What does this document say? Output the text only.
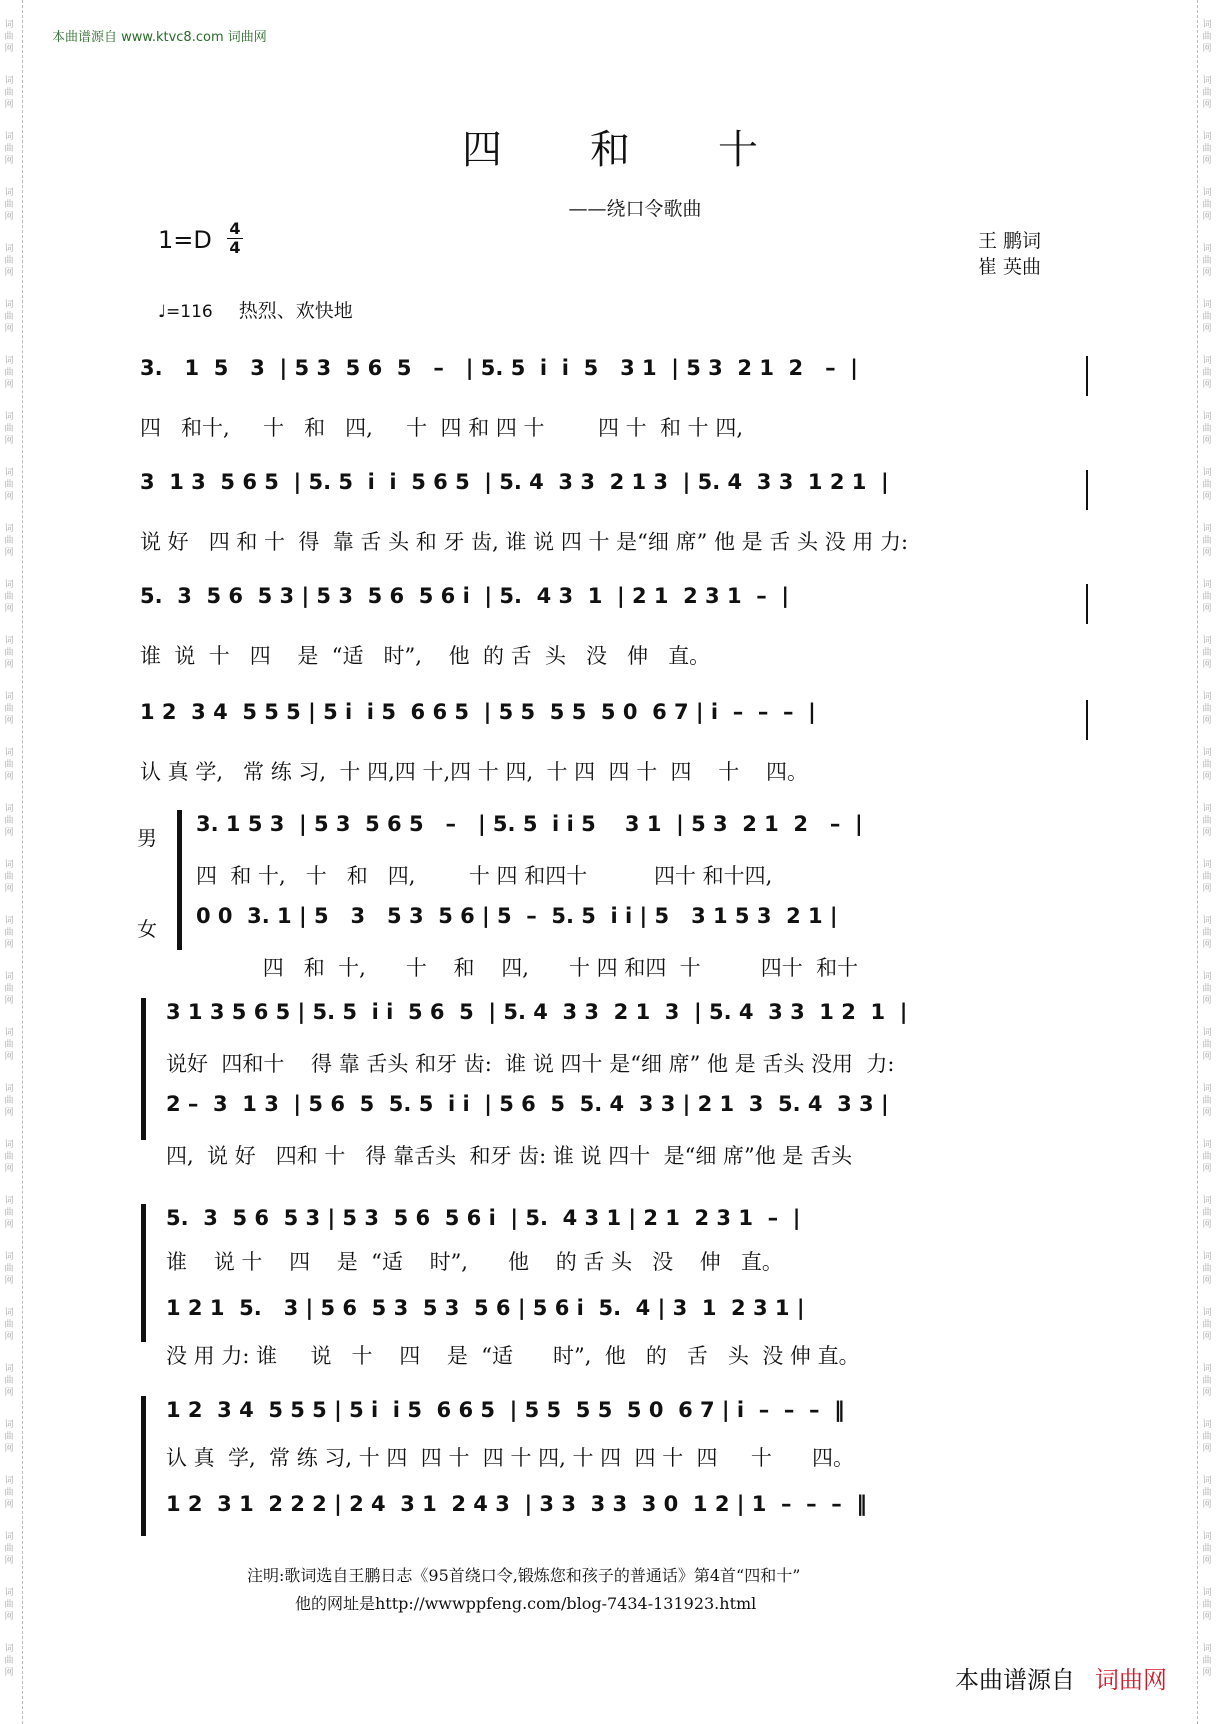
词
曲
网
词
曲
网
词
曲
网
词
曲
网
词
曲
网
词
曲
网
词
曲
网
词
曲
网
词
曲
网
词
曲
网
词
曲
网
词
曲
网
词
曲
网
词
曲
网
词
曲
网
词
曲
网
词
曲
网
词
曲
网
词
曲
网
词
曲
网
词
曲
网
词
曲
网
词
曲
网
词
曲
网
词
曲
网
词
曲
网
词
曲
网
词
曲
网
词
曲
网
词
曲
网
词
曲
网
词
曲
网
词
曲
网
词
曲
网
词
曲
网
词
曲
网
词
曲
网
词
曲
网
词
曲
网
词
曲
网
词
曲
网
词
曲
网
词
曲
网
词
曲
网
词
曲
网
词
曲
网
词
曲
网
词
曲
网
词
曲
网
词
曲
网
词
曲
网
词
曲
网
词
曲
网
词
曲
网
词
曲
网
词
曲
网
词
曲
网
词
曲
网
词
曲
网
词
曲
网
本曲谱源自 www.ktvc8.com 词曲网
四 和 十
——绕口令歌曲
1=D 4
4	王 鹏词
崔 英曲
♩=116 热烈、欢快地
3.   1  5   3  | 5 3  5 6  5   –   | 5. 5  i  i  5   3 1  | 5 3  2 1  2   –  |
四   和十,     十   和   四,     十  四 和 四 十        四 十  和 十 四,
3  1 3  5 6 5  | 5. 5  i  i  5 6 5  | 5. 4  3 3  2 1 3  | 5. 4  3 3  1 2 1  |
说 好   四 和 十  得  靠 舌 头 和 牙 齿, 谁 说 四 十 是“细 席” 他 是 舌 头 没 用 力:
5.  3  5 6  5 3 | 5 3  5 6  5 6 i  | 5.  4 3  1  | 2 1  2 3 1  –  |
谁  说  十   四    是  “适   时”,    他  的 舌  头   没   伸   直。
1 2  3 4  5 5 5 | 5 i  i 5  6 6 5  | 5 5  5 5  5 0  6 7 | i  –  –  –  |
认 真 学,   常 练 习,  十 四,四 十,四 十 四,  十 四  四 十  四    十    四。
男
女
3. 1 5 3  | 5 3  5 6 5   –   | 5. 5  i i 5    3 1  | 5 3  2 1  2   –  |
四  和 十,   十   和   四,        十 四 和四十          四十 和十四,
0 0  3. 1 | 5   3   5 3  5 6 | 5  –  5. 5  i i | 5   3 1 5 3  2 1 |
四   和  十,      十    和    四,      十 四 和四  十         四十  和十
3 1 3 5 6 5 | 5. 5  i i  5 6  5  | 5. 4  3 3  2 1  3  | 5. 4  3 3  1 2  1  |
说好  四和十    得 靠 舌头 和牙 齿:  谁 说 四十 是“细 席” 他 是 舌头 没用  力:
2 –  3  1 3  | 5 6  5  5. 5  i i  | 5 6  5  5. 4  3 3 | 2 1  3  5. 4  3 3 |
四,  说 好   四和 十   得 靠舌头  和牙 齿: 谁 说 四十  是“细 席”他 是 舌头
5.  3  5 6  5 3 | 5 3  5 6  5 6 i  | 5.  4 3 1 | 2 1  2 3 1  –  |
谁    说 十    四    是  “适    时”,      他    的 舌 头   没    伸   直。
1 2 1  5.   3 | 5 6  5 3  5 3  5 6 | 5 6 i  5.  4 | 3  1  2 3 1 |
没 用 力: 谁     说   十    四    是  “适      时”,  他   的   舌   头  没 伸 直。
1 2  3 4  5 5 5 | 5 i  i 5  6 6 5  | 5 5  5 5  5 0  6 7 | i  –  –  –  ‖
认 真  学,  常 练 习, 十 四  四 十  四 十 四, 十 四  四 十  四     十      四。
1 2  3 1  2 2 2 | 2 4  3 1  2 4 3  | 3 3  3 3  3 0  1 2 | 1  –  –  –  ‖
注明:歌词选自王鹏日志《95首绕口令,锻炼您和孩子的普通话》第4首“四和十”
他的网址是http://wwwppfeng.com/blog-7434-131923.html
本曲谱源自 词曲网
